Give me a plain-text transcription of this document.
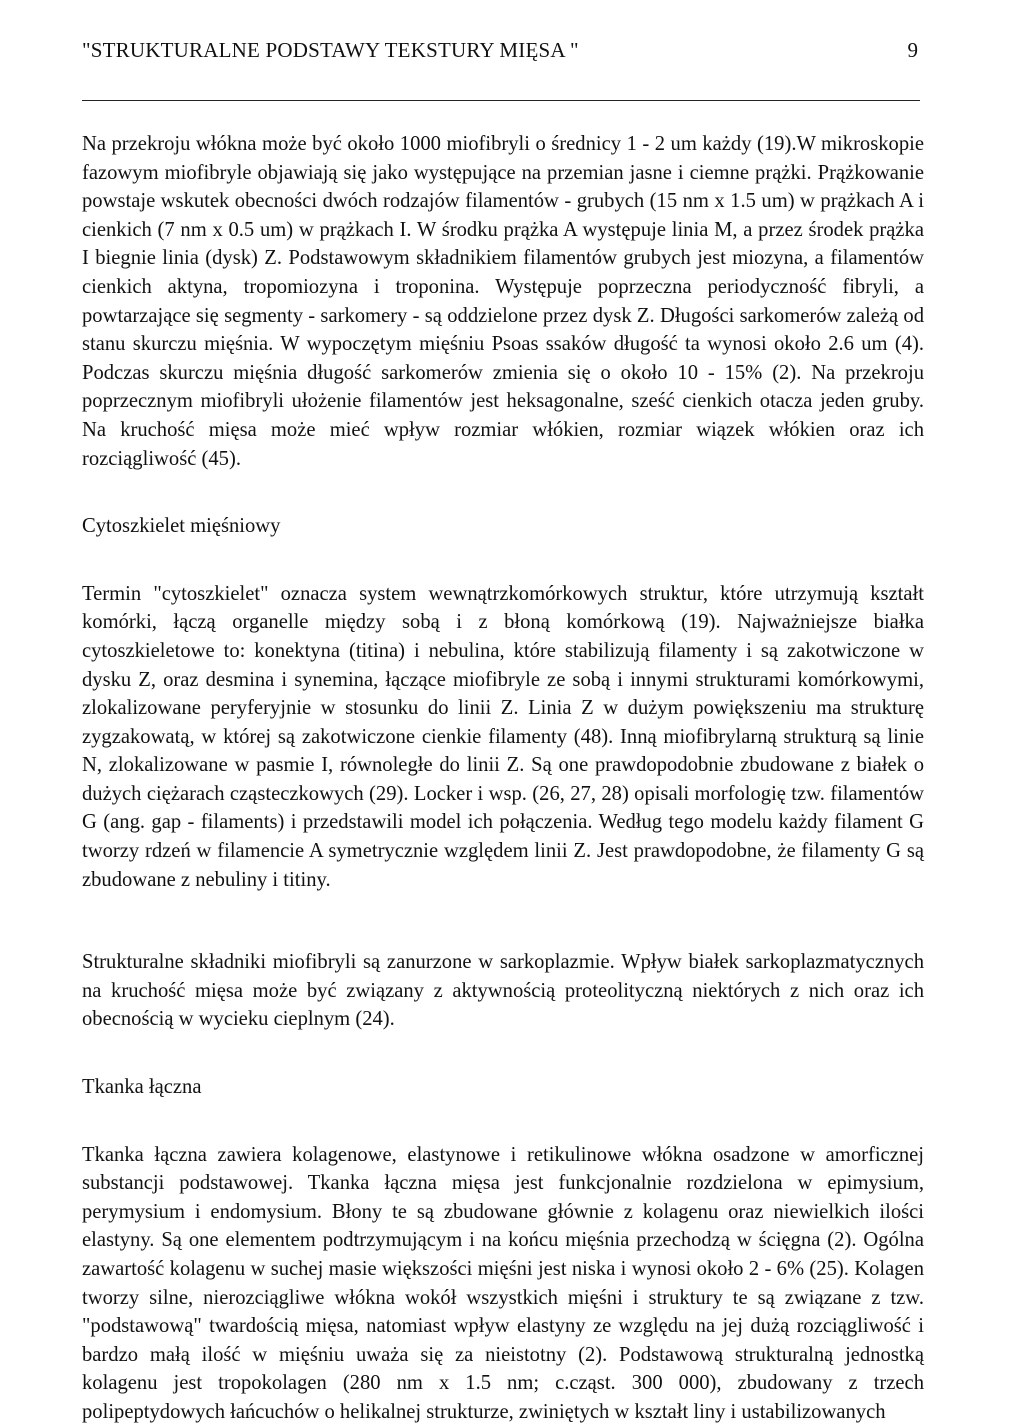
"STRUKTURALNE PODSTAWY TEKSTURY MIĘSA "	9

Na przekroju włókna może być około 1000 miofibryli o średnicy 1 - 2 um każdy (19).W mikroskopie fazowym miofibryle objawiają się jako występujące na przemian jasne i ciemne prążki. Prążkowanie powstaje wskutek obecności dwóch rodzajów filamentów - grubych (15 nm x 1.5 um) w prążkach A i cienkich (7 nm x 0.5 um) w prążkach I. W środku prążka A występuje linia M, a przez środek prążka I biegnie linia (dysk) Z. Podstawowym składnikiem filamentów grubych jest miozyna, a filamentów cienkich aktyna, tropomiozyna i troponina. Występuje poprzeczna periodyczność fibryli, a powtarzające się segmenty - sarkomery - są oddzielone przez dysk Z. Długości sarkomerów zależą od stanu skurczu mięśnia. W wypoczętym mięśniu Psoas ssaków długość ta wynosi około 2.6 um (4). Podczas skurczu mięśnia długość sarkomerów zmienia się o około 10 - 15% (2). Na przekroju poprzecznym miofibryli ułożenie filamentów jest heksagonalne, sześć cienkich otacza jeden gruby. Na kruchość mięsa może mieć wpływ rozmiar włókien, rozmiar wiązek włókien oraz ich rozciągliwość (45).

Cytoszkielet mięśniowy

Termin "cytoszkielet" oznacza system wewnątrzkomórkowych struktur, które utrzymują kształt komórki, łączą organelle między sobą i z błoną komórkową (19). Najważniejsze białka cytoszkieletowe to: konektyna (titina) i nebulina, które stabilizują filamenty i są zakotwiczone w dysku Z, oraz desmina i synemina, łączące miofibryle ze sobą i innymi strukturami komórkowymi, zlokalizowane peryferyjnie w stosunku do linii Z. Linia Z w dużym powiększeniu ma strukturę zygzakowatą, w której są zakotwiczone cienkie filamenty (48). Inną miofibrylarną strukturą są linie N, zlokalizowane w pasmie I, równoległe do linii Z. Są one prawdopodobnie zbudowane z białek o dużych ciężarach cząsteczkowych (29). Locker i wsp. (26, 27, 28) opisali morfologię tzw. filamentów G (ang. gap - filaments) i przedstawili model ich połączenia. Według tego modelu każdy filament G tworzy rdzeń w filamencie A symetrycznie względem linii Z. Jest prawdopodobne, że filamenty G są zbudowane z nebuliny i titiny.

Strukturalne składniki miofibryli są zanurzone w sarkoplazmie. Wpływ białek sarkoplazmatycznych na kruchość mięsa może być związany z aktywnością proteolityczną niektórych z nich oraz ich obecnością w wycieku cieplnym (24).

Tkanka łączna

Tkanka łączna zawiera kolagenowe, elastynowe i retikulinowe włókna osadzone w amorficznej substancji podstawowej. Tkanka łączna mięsa jest funkcjonalnie rozdzielona w epimysium, perymysium i endomysium. Błony te są zbudowane głównie z kolagenu oraz niewielkich ilości elastyny. Są one elementem podtrzymującym i na końcu mięśnia przechodzą w ścięgna (2). Ogólna zawartość kolagenu w suchej masie większości mięśni jest niska i wynosi około 2 - 6% (25). Kolagen tworzy silne, nierozciągliwe włókna wokół wszystkich mięśni i struktury te są związane z tzw. "podstawową" twardością mięsa, natomiast wpływ elastyny ze względu na jej dużą rozciągliwość i bardzo małą ilość w mięśniu uważa się za nieistotny (2). Podstawową strukturalną jednostką kolagenu jest tropokolagen (280 nm x 1.5 nm; c.cząst. 300 000), zbudowany z trzech polipeptydowych łańcuchów o helikalnej strukturze, zwiniętych w kształt liny i ustabilizowanych
